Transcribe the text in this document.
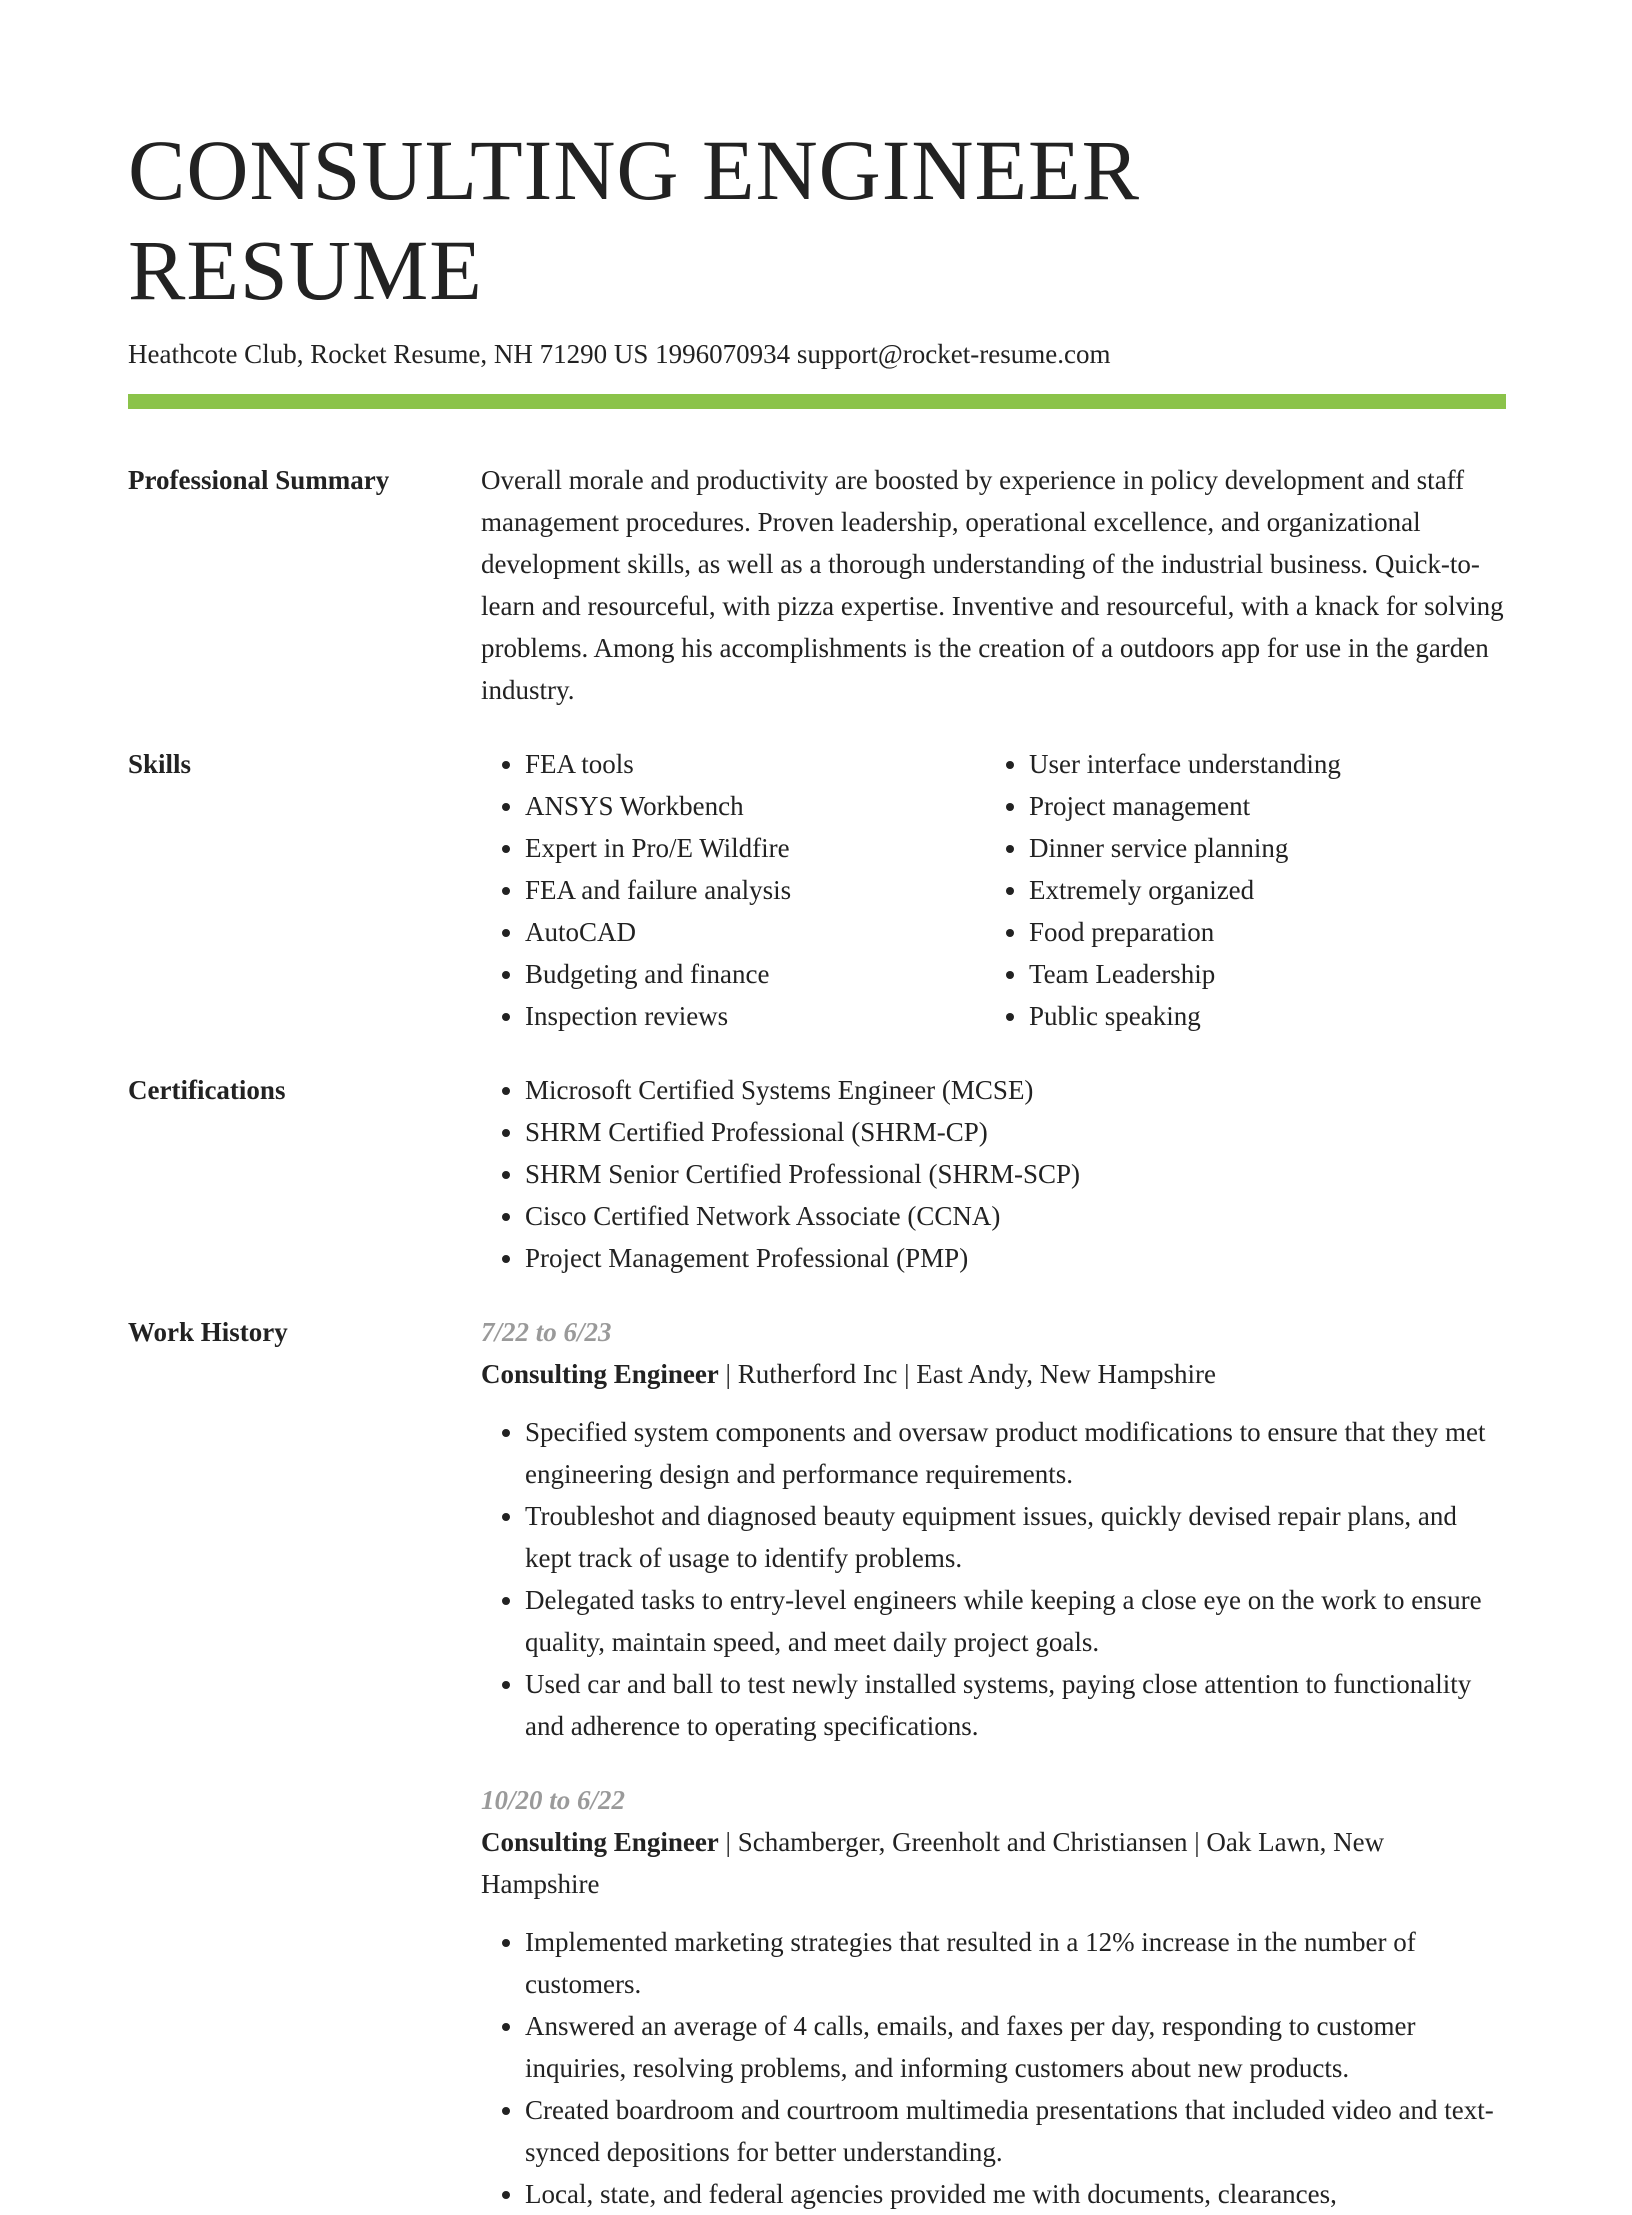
CONSULTING ENGINEER RESUME
Heathcote Club, Rocket Resume, NH 71290 US 1996070934 support@rocket-resume.com
Professional Summary	Overall morale and productivity are boosted by experience in policy development and staff management procedures. Proven leadership, operational excellence, and organizational development skills, as well as a thorough understanding of the industrial business. Quick-to-learn and resourceful, with pizza expertise. Inventive and resourceful, with a knack for solving problems. Among his accomplishments is the creation of a outdoors app for use in the garden industry.
Skills	• FEA tools
• ANSYS Workbench
• Expert in Pro/E Wildfire
• FEA and failure analysis
• AutoCAD
• Budgeting and finance
• Inspection reviews
• User interface understanding
• Project management
• Dinner service planning
• Extremely organized
• Food preparation
• Team Leadership
• Public speaking
Certifications	• Microsoft Certified Systems Engineer (MCSE)
• SHRM Certified Professional (SHRM-CP)
• SHRM Senior Certified Professional (SHRM-SCP)
• Cisco Certified Network Associate (CCNA)
• Project Management Professional (PMP)
Work History	7/22 to 6/23
Consulting Engineer | Rutherford Inc | East Andy, New Hampshire
• Specified system components and oversaw product modifications to ensure that they met engineering design and performance requirements.
• Troubleshot and diagnosed beauty equipment issues, quickly devised repair plans, and kept track of usage to identify problems.
• Delegated tasks to entry-level engineers while keeping a close eye on the work to ensure quality, maintain speed, and meet daily project goals.
• Used car and ball to test newly installed systems, paying close attention to functionality and adherence to operating specifications.
10/20 to 6/22
Consulting Engineer | Schamberger, Greenholt and Christiansen | Oak Lawn, New Hampshire
• Implemented marketing strategies that resulted in a 12% increase in the number of customers.
• Answered an average of 4 calls, emails, and faxes per day, responding to customer inquiries, resolving problems, and informing customers about new products.
• Created boardroom and courtroom multimedia presentations that included video and text-synced depositions for better understanding.
• Local, state, and federal agencies provided me with documents, clearances,
